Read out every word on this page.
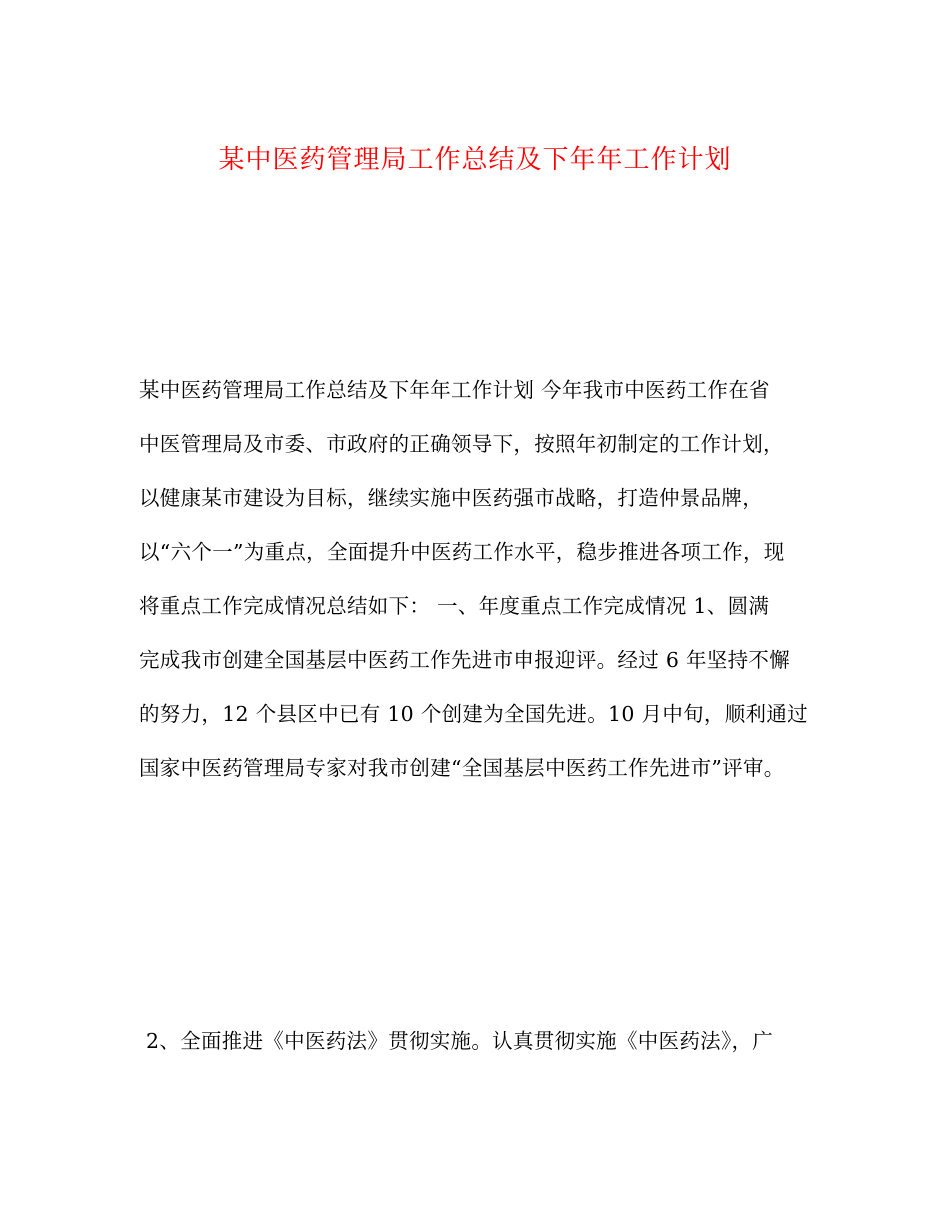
某中医药管理局工作总结及下年年工作计划
某中医药管理局工作总结及下年年工作计划 今年我市中医药工作在省
中医管理局及市委、市政府的正确领导下，按照年初制定的工作计划，
以健康某市建设为目标，继续实施中医药强市战略，打造仲景品牌，
以“六个一”为重点，全面提升中医药工作水平，稳步推进各项工作，现
将重点工作完成情况总结如下： 一、年度重点工作完成情况 1、圆满
完成我市创建全国基层中医药工作先进市申报迎评。经过 6 年坚持不懈
的努力，12 个县区中已有 10 个创建为全国先进。10 月中旬，顺利通过
国家中医药管理局专家对我市创建“全国基层中医药工作先进市”评审。

2、全面推进《中医药法》贯彻实施。认真贯彻实施《中医药法》，广
